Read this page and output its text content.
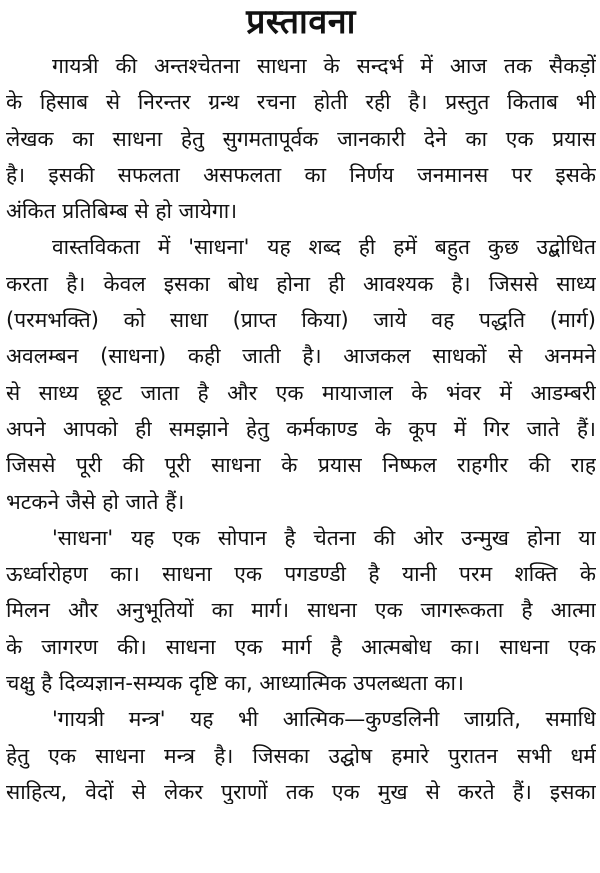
प्रस्तावना
गायत्री की अन्तश्चेतना साधना के सन्दर्भ में आज तक सैकड़ों
के हिसाब से निरन्तर ग्रन्थ रचना होती रही है। प्रस्तुत किताब भी
लेखक का साधना हेतु सुगमतापूर्वक जानकारी देने का एक प्रयास
है। इसकी सफलता असफलता का निर्णय जनमानस पर इसके
अंकित प्रतिबिम्ब से हो जायेगा।
वास्तविकता में 'साधना' यह शब्द ही हमें बहुत कुछ उद्बोधित
करता है। केवल इसका बोध होना ही आवश्यक है। जिससे साध्य
(परमभक्ति) को साधा (प्राप्त किया) जाये वह पद्धति (मार्ग)
अवलम्बन (साधना) कही जाती है। आजकल साधकों से अनमने
से साध्य छूट जाता है और एक मायाजाल के भंवर में आडम्बरी
अपने आपको ही समझाने हेतु कर्मकाण्ड के कूप में गिर जाते हैं।
जिससे पूरी की पूरी साधना के प्रयास निष्फल राहगीर की राह
भटकने जैसे हो जाते हैं।
'साधना' यह एक सोपान है चेतना की ओर उन्मुख होना या
ऊर्ध्वारोहण का। साधना एक पगडण्डी है यानी परम शक्ति के
मिलन और अनुभूतियों का मार्ग। साधना एक जागरूकता है आत्मा
के जागरण की। साधना एक मार्ग है आत्मबोध का। साधना एक
चक्षु है दिव्यज्ञान-सम्यक दृष्टि का, आध्यात्मिक उपलब्धता का।
'गायत्री मन्त्र' यह भी आत्मिक—कुण्डलिनी जाग्रति, समाधि
हेतु एक साधना मन्त्र है। जिसका उद्घोष हमारे पुरातन सभी धर्म
साहित्य, वेदों से लेकर पुराणों तक एक मुख से करते हैं। इसका
